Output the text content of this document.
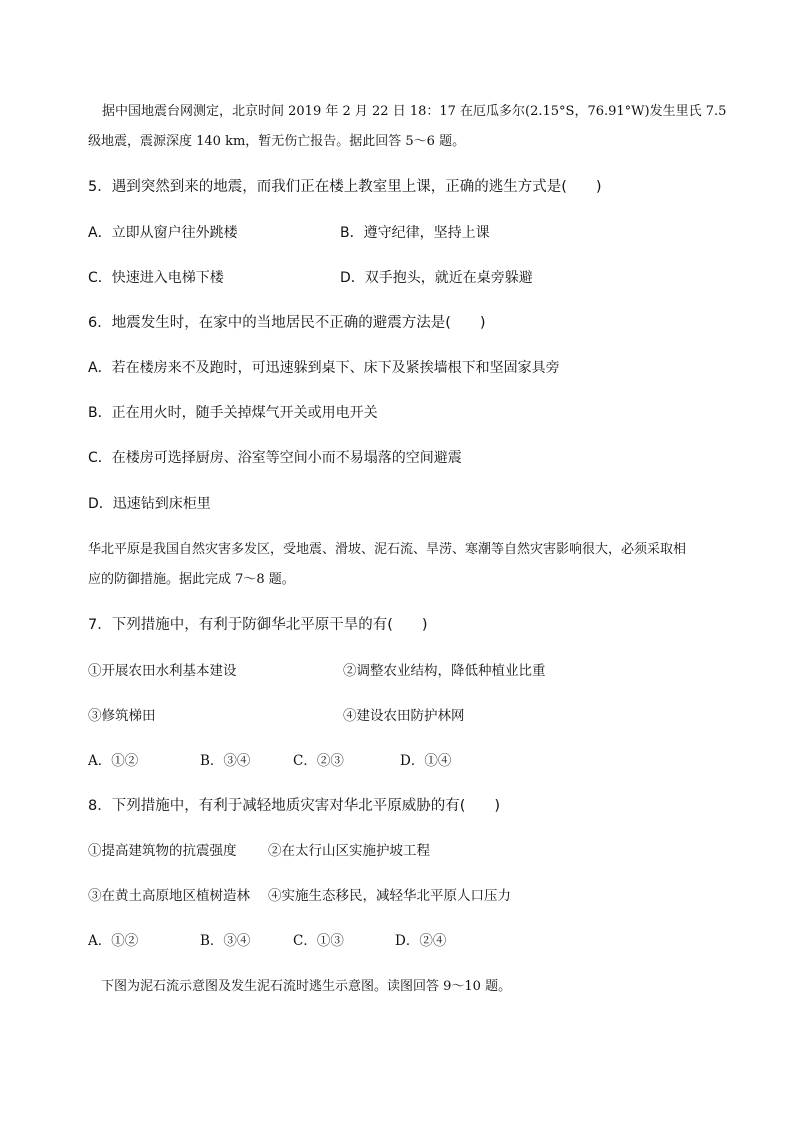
据中国地震台网测定，北京时间 2019 年 2 月 22 日 18：17 在厄瓜多尔(2.15°S，76.91°W)发生里氏 7.5
级地震，震源深度 140 km，暂无伤亡报告。据此回答 5～6 题。
5．遇到突然到来的地震，而我们正在楼上教室里上课，正确的逃生方式是(　　)
A．立即从窗户往外跳楼	B．遵守纪律，坚持上课
C．快速进入电梯下楼	D．双手抱头，就近在桌旁躲避
6．地震发生时，在家中的当地居民不正确的避震方法是(　　)
A．若在楼房来不及跑时，可迅速躲到桌下、床下及紧挨墙根下和坚固家具旁
B．正在用火时，随手关掉煤气开关或用电开关
C．在楼房可选择厨房、浴室等空间小而不易塌落的空间避震
D．迅速钻到床柜里
华北平原是我国自然灾害多发区，受地震、滑坡、泥石流、旱涝、寒潮等自然灾害影响很大，必须采取相
应的防御措施。据此完成 7～8 题。
7．下列措施中，有利于防御华北平原干旱的有(　　)
①开展农田水利基本建设	②调整农业结构，降低种植业比重
③修筑梯田	④建设农田防护林网
A．①②	B．③④	C．②③	D．①④
8．下列措施中，有利于减轻地质灾害对华北平原威胁的有(　　)
①提高建筑物的抗震强度 ②在太行山区实施护坡工程
③在黄土高原地区植树造林 ④实施生态移民，减轻华北平原人口压力
A．①②	B．③④	C．①③	D．②④
下图为泥石流示意图及发生泥石流时逃生示意图。读图回答 9～10 题。
